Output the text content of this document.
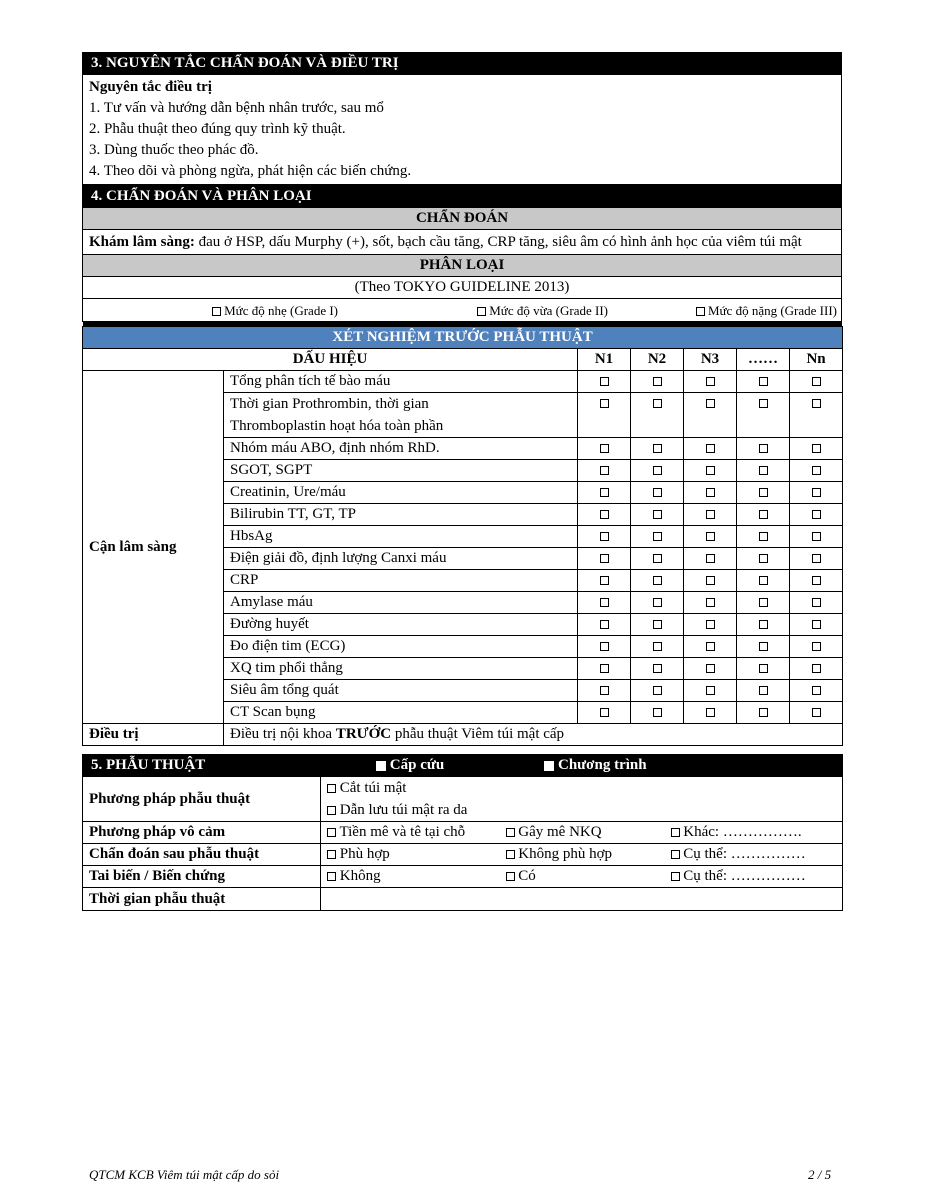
3. NGUYÊN TẮC CHẨN ĐOÁN VÀ ĐIỀU TRỊ

Nguyên tắc điều trị
1. Tư vấn và hướng dẫn bệnh nhân trước, sau mổ
2. Phẫu thuật theo đúng quy trình kỹ thuật.
3. Dùng thuốc theo phác đồ.
4. Theo dõi và phòng ngừa, phát hiện các biến chứng.
4. CHẨN ĐOÁN VÀ PHÂN LOẠI
CHẨN ĐOÁN
Khám lâm sàng: đau ở HSP, dấu Murphy (+), sốt, bạch cầu tăng, CRP tăng, siêu âm có hình ảnh học của viêm túi mật
PHÂN LOẠI
(Theo TOKYO GUIDELINE 2013)

Mức độ nhẹ (Grade I)	Mức độ vừa (Grade II)	Mức độ nặng (Grade III)

XÉT NGHIỆM TRƯỚC PHẪU THUẬT						
DẤU HIỆU		N1	N2	N3	……	Nn
Cận lâm sàng	Tổng phân tích tế bào máu					
	Thời gian Prothrombin, thời gian Thromboplastin hoạt hóa toàn phần					
	Nhóm máu ABO, định nhóm RhD.					
	SGOT, SGPT					
	Creatinin, Ure/máu					
	Bilirubin TT, GT, TP					
	HbsAg					
	Điện giải đồ, định lượng Canxi máu					
	CRP					
	Amylase máu					
	Đường huyết					
	Đo điện tim (ECG)					
	XQ tim phổi thẳng					
	Siêu âm tổng quát					
	CT Scan bụng					
Điều trị	Điều trị nội khoa TRƯỚC phẫu thuật Viêm túi mật cấp					
5. PHẪU THUẬT	Cấp cứu	Chương trình	
Phương pháp phẫu thuật	Cắt túi mật
Dẫn lưu túi mật ra da		

Phương pháp vô cảm	Tiền mê và tê tại chỗ	Gây mê NKQ	Khác: …………….
Chẩn đoán sau phẫu thuật	Phù hợp	Không phù hợp	Cụ thể: ……………
Tai biến / Biến chứng	Không	Có	Cụ thể: ……………
Thời gian phẫu thuật			
QTCM KCB Viêm túi mật cấp do sỏi	2 / 5
